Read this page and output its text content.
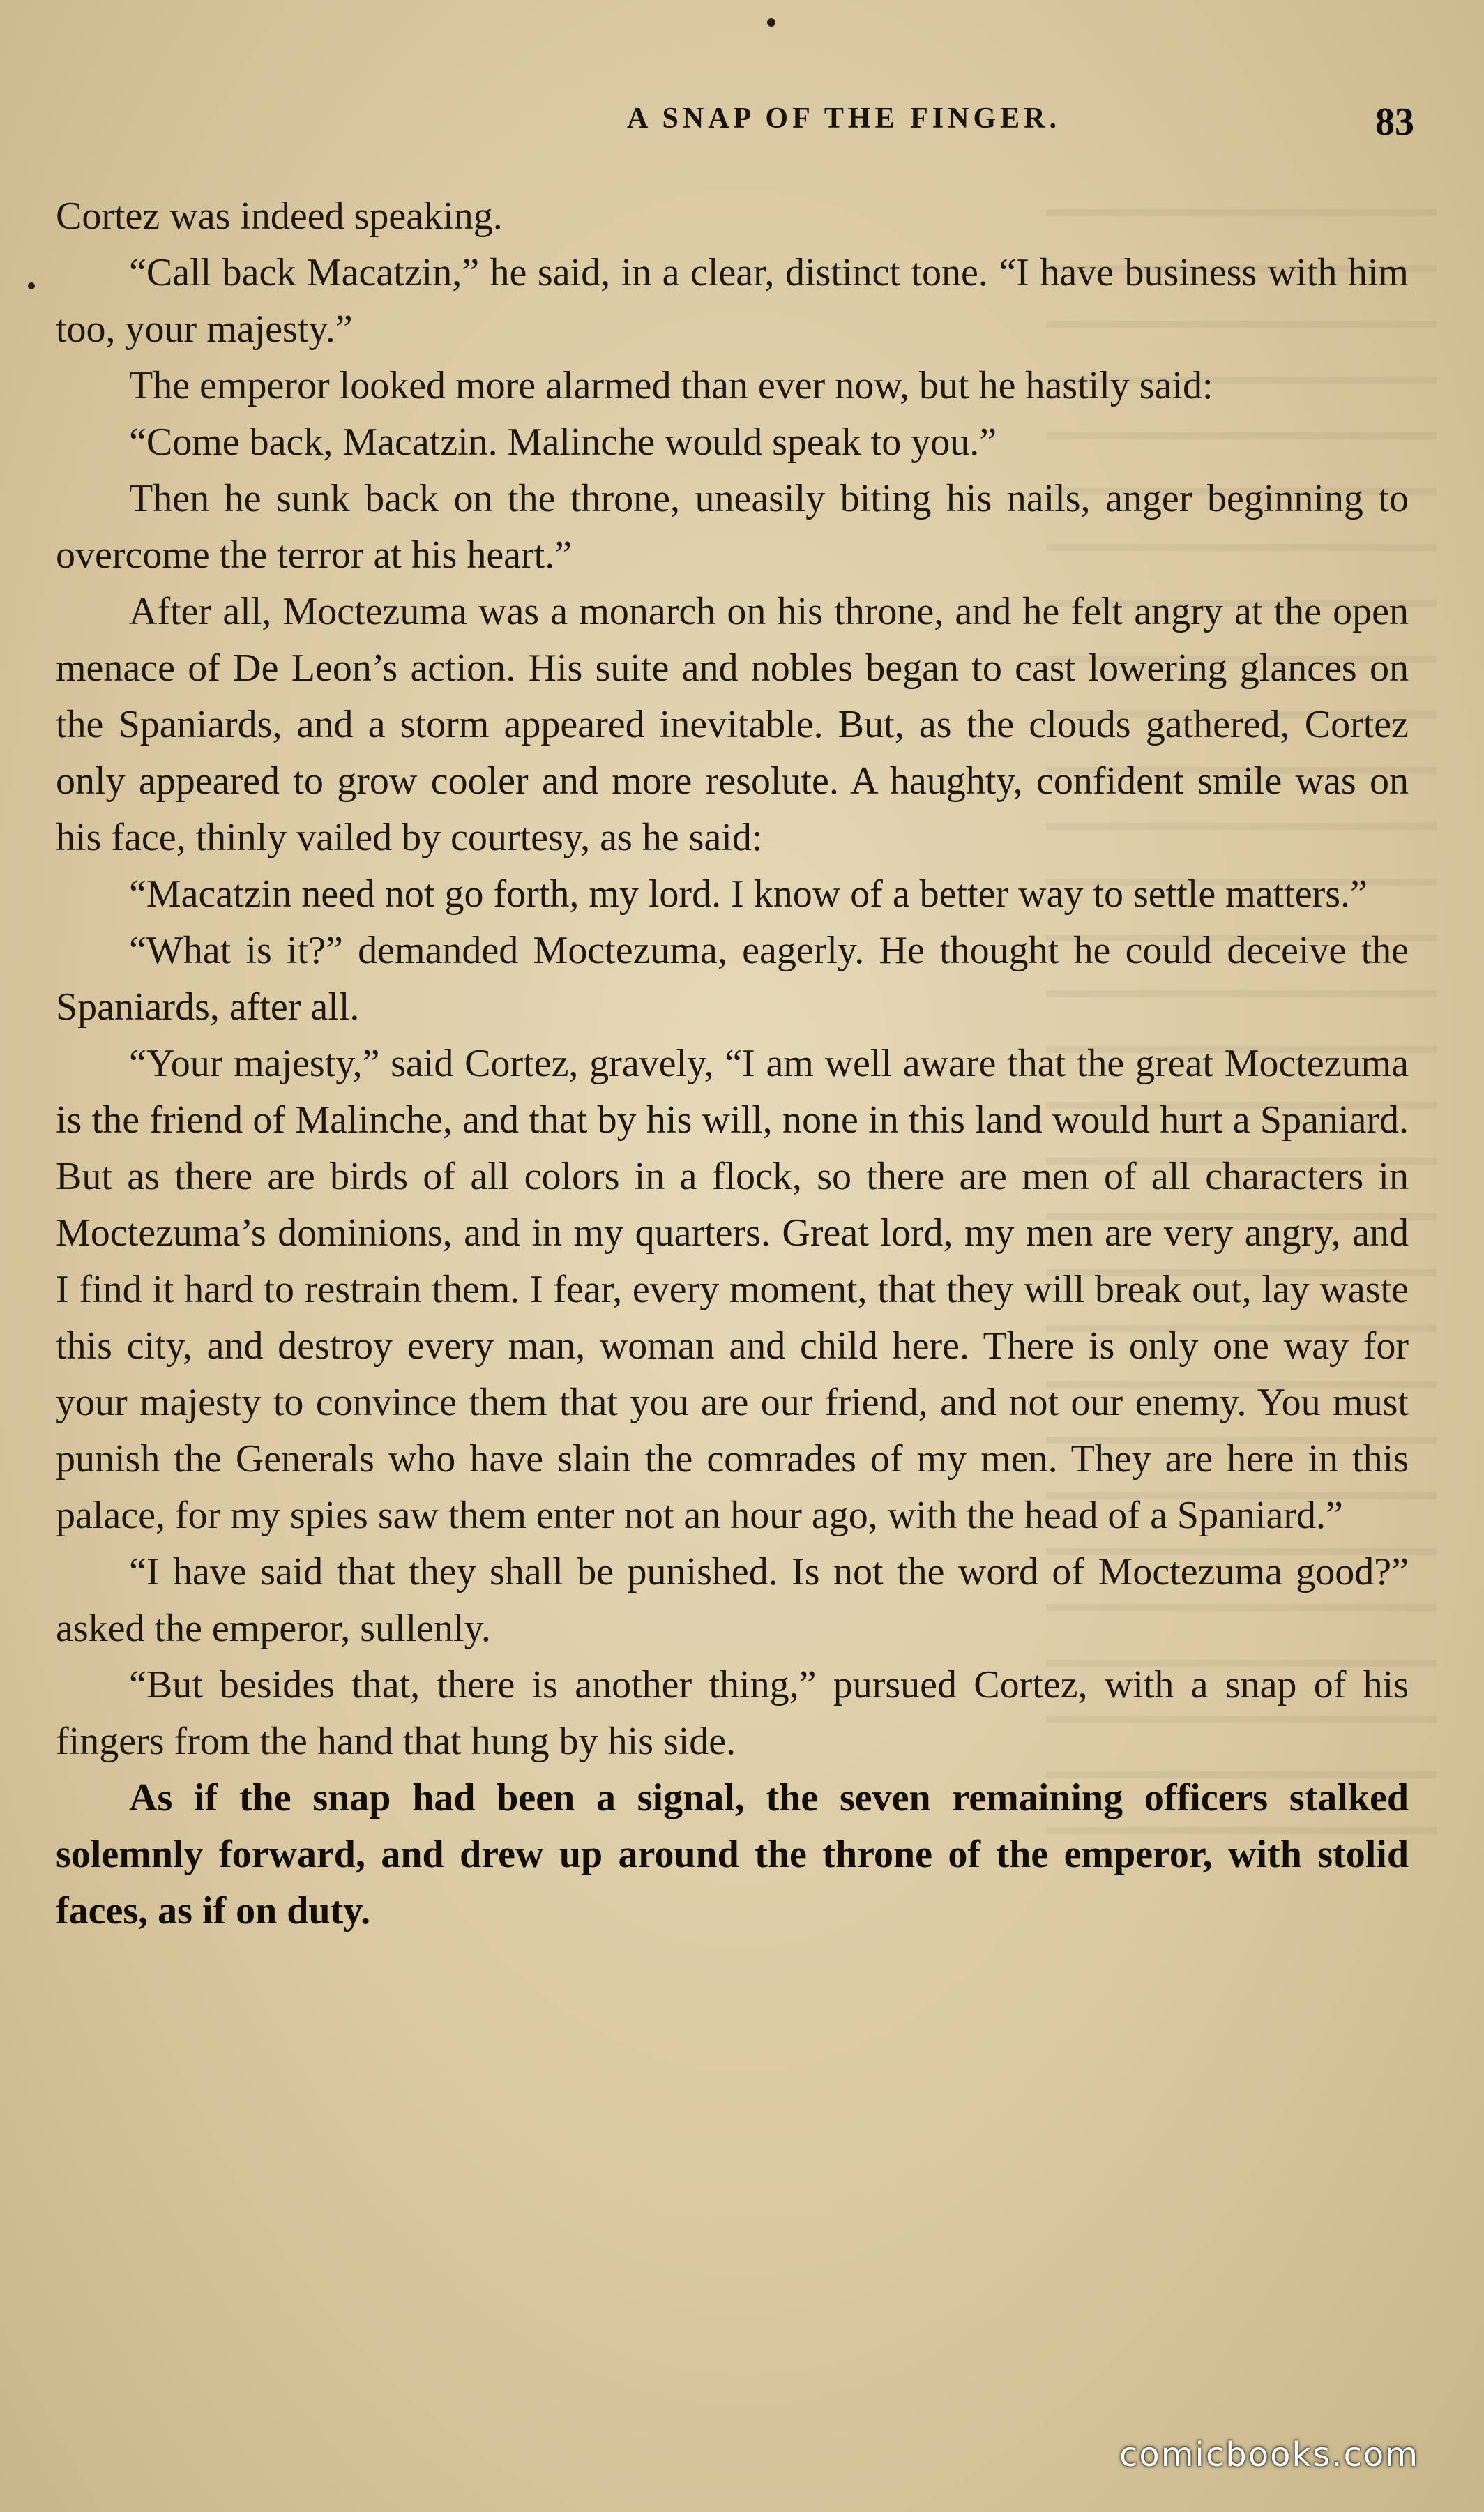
A SNAP OF THE FINGER.	83

Cortez was indeed speaking.

“Call back Macatzin,” he said, in a clear, distinct tone. “I have business with him too, your majesty.”

The emperor looked more alarmed than ever now, but he hastily said:

“Come back, Macatzin. Malinche would speak to you.”

Then he sunk back on the throne, uneasily biting his nails, anger beginning to overcome the terror at his heart.”

After all, Moctezuma was a monarch on his throne, and he felt angry at the open menace of De Leon’s action. His suite and nobles began to cast lowering glances on the Spaniards, and a storm appeared inevitable. But, as the clouds gathered, Cortez only appeared to grow cooler and more resolute. A haughty, confident smile was on his face, thinly vailed by courtesy, as he said:

“Macatzin need not go forth, my lord. I know of a better way to settle matters.”

“What is it?” demanded Moctezuma, eagerly. He thought he could deceive the Spaniards, after all.

“Your majesty,” said Cortez, gravely, “I am well aware that the great Moctezuma is the friend of Malinche, and that by his will, none in this land would hurt a Spaniard. But as there are birds of all colors in a flock, so there are men of all characters in Moctezuma’s dominions, and in my quarters. Great lord, my men are very angry, and I find it hard to restrain them. I fear, every moment, that they will break out, lay waste this city, and destroy every man, woman and child here. There is only one way for your majesty to convince them that you are our friend, and not our enemy. You must punish the Generals who have slain the comrades of my men. They are here in this palace, for my spies saw them enter not an hour ago, with the head of a Spaniard.”

“I have said that they shall be punished. Is not the word of Moctezuma good?” asked the emperor, sullenly.

“But besides that, there is another thing,” pursued Cortez, with a snap of his fingers from the hand that hung by his side.

As if the snap had been a signal, the seven remaining officers stalked solemnly forward, and drew up around the throne of the emperor, with stolid faces, as if on duty.

comicbooks.com
